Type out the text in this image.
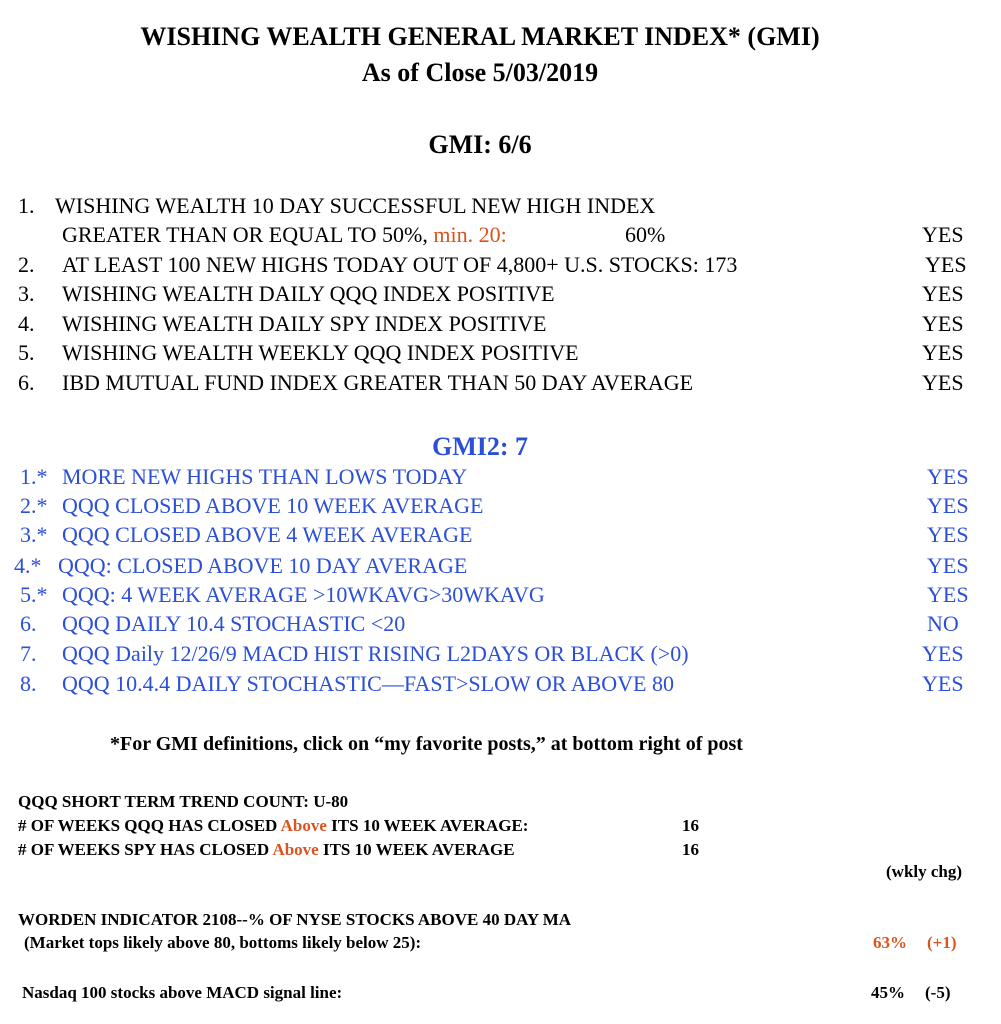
WISHING WEALTH GENERAL MARKET INDEX* (GMI)
As of Close 5/03/2019
GMI: 6/6
1. WISHING WEALTH 10 DAY SUCCESSFUL NEW HIGH INDEX
GREATER THAN OR EQUAL TO 50%, min. 20:	60%	YES
2. AT LEAST 100 NEW HIGHS TODAY OUT OF 4,800+ U.S. STOCKS: 173	YES
3. WISHING WEALTH DAILY QQQ INDEX POSITIVE	YES
4. WISHING WEALTH DAILY SPY INDEX POSITIVE	YES
5. WISHING WEALTH WEEKLY QQQ INDEX POSITIVE	YES
6. IBD MUTUAL FUND INDEX GREATER THAN 50 DAY AVERAGE	YES
GMI2: 7
1.* MORE NEW HIGHS THAN LOWS TODAY	YES
2.* QQQ CLOSED ABOVE 10 WEEK AVERAGE	YES
3.* QQQ CLOSED ABOVE 4 WEEK AVERAGE	YES
4.* QQQ: CLOSED ABOVE 10 DAY AVERAGE	YES
5.* QQQ: 4 WEEK AVERAGE >10WKAVG>30WKAVG	YES
6. QQQ DAILY 10.4 STOCHASTIC <20	NO
7. QQQ Daily 12/26/9 MACD HIST RISING L2DAYS OR BLACK (>0)	YES
8. QQQ 10.4.4 DAILY STOCHASTIC—FAST>SLOW OR ABOVE 80	YES
*For GMI definitions, click on “my favorite posts,” at bottom right of post
QQQ SHORT TERM TREND COUNT: U-80
# OF WEEKS QQQ HAS CLOSED Above ITS 10 WEEK AVERAGE:	16
# OF WEEKS SPY HAS CLOSED Above ITS 10 WEEK AVERAGE	16
(wkly chg)
WORDEN INDICATOR 2108--% OF NYSE STOCKS ABOVE 40 DAY MA
(Market tops likely above 80, bottoms likely below 25):	63% (+1)
Nasdaq 100 stocks above MACD signal line:	45% (-5)
